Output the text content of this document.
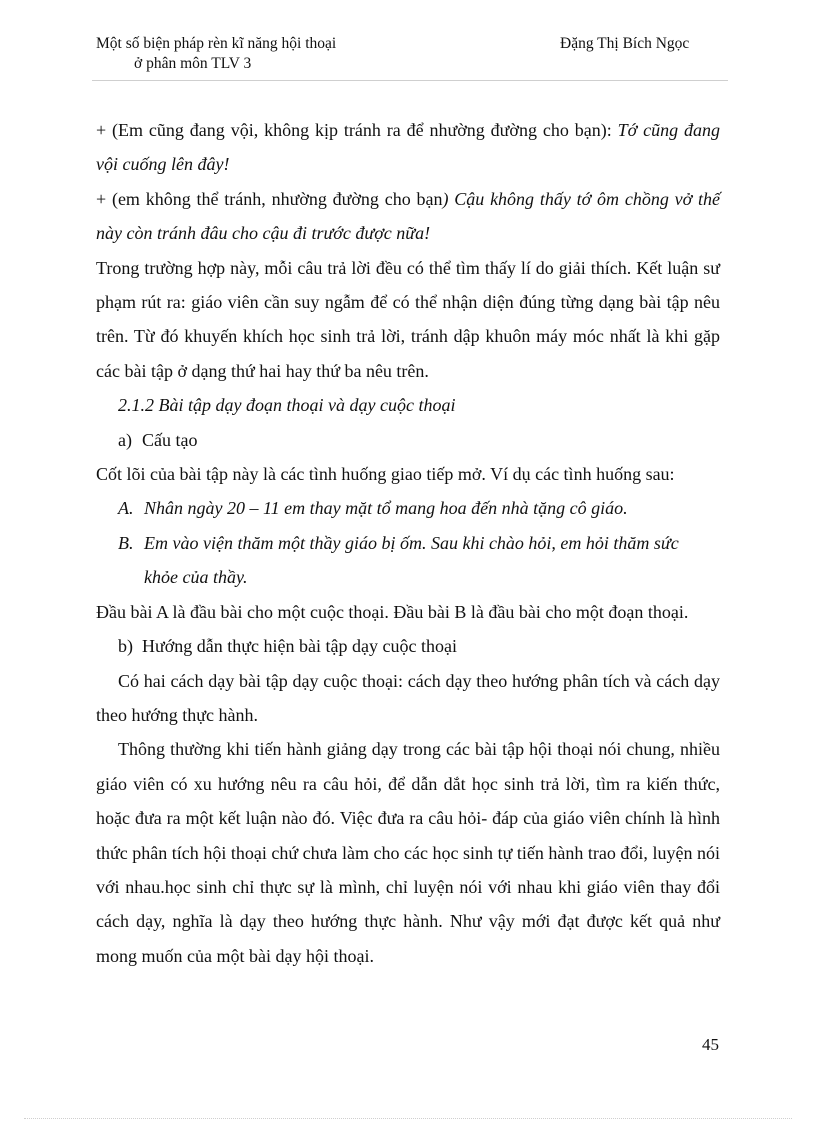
Một số biện pháp rèn kĩ năng hội thoại
ở phân môn TLV 3
Đặng Thị Bích Ngọc

+ (Em cũng đang vội, không kịp tránh ra để nhường đường cho bạn): Tớ cũng đang vội cuống lên đây!

+ (em không thể tránh, nhường đường cho bạn) Cậu không thấy tớ ôm chồng vở thế này còn tránh đâu cho cậu đi trước được nữa!

Trong trường hợp này, mỗi câu trả lời đều có thể tìm thấy lí do giải thích. Kết luận sư phạm rút ra: giáo viên cần suy ngẫm để có thể nhận diện đúng từng dạng bài tập nêu trên. Từ đó khuyến khích học sinh trả lời, tránh dập khuôn máy móc nhất là khi gặp các bài tập ở dạng thứ hai hay thứ ba nêu trên.

2.1.2 Bài tập dạy đoạn thoại và dạy cuộc thoại

a) Cấu tạo

Cốt lõi của bài tập này là các tình huống giao tiếp mở. Ví dụ các tình huống sau:

A. Nhân ngày 20 – 11 em thay mặt tổ mang hoa đến nhà tặng cô giáo.

B. Em vào viện thăm một thầy giáo bị ốm. Sau khi chào hỏi, em hỏi thăm sức

khỏe của thầy.

Đầu bài A là đầu bài cho một cuộc thoại. Đầu bài B là đầu bài cho một đoạn thoại.

b) Hướng dẫn thực hiện bài tập dạy cuộc thoại

Có hai cách dạy bài tập dạy cuộc thoại: cách dạy theo hướng phân tích và cách dạy theo hướng thực hành.

Thông thường khi tiến hành giảng dạy trong các bài tập hội thoại nói chung, nhiều giáo viên có xu hướng nêu ra câu hỏi, để dẫn dắt học sinh trả lời, tìm ra kiến thức, hoặc đưa ra một kết luận nào đó. Việc đưa ra câu hỏi- đáp của giáo viên chính là hình thức phân tích hội thoại chứ chưa làm cho các học sinh tự tiến hành trao đổi, luyện nói với nhau.học sinh chỉ thực sự là mình, chỉ luyện nói với nhau khi giáo viên thay đổi cách dạy, nghĩa là dạy theo hướng thực hành. Như vậy mới đạt được kết quả như mong muốn của một bài dạy hội thoại.

45
